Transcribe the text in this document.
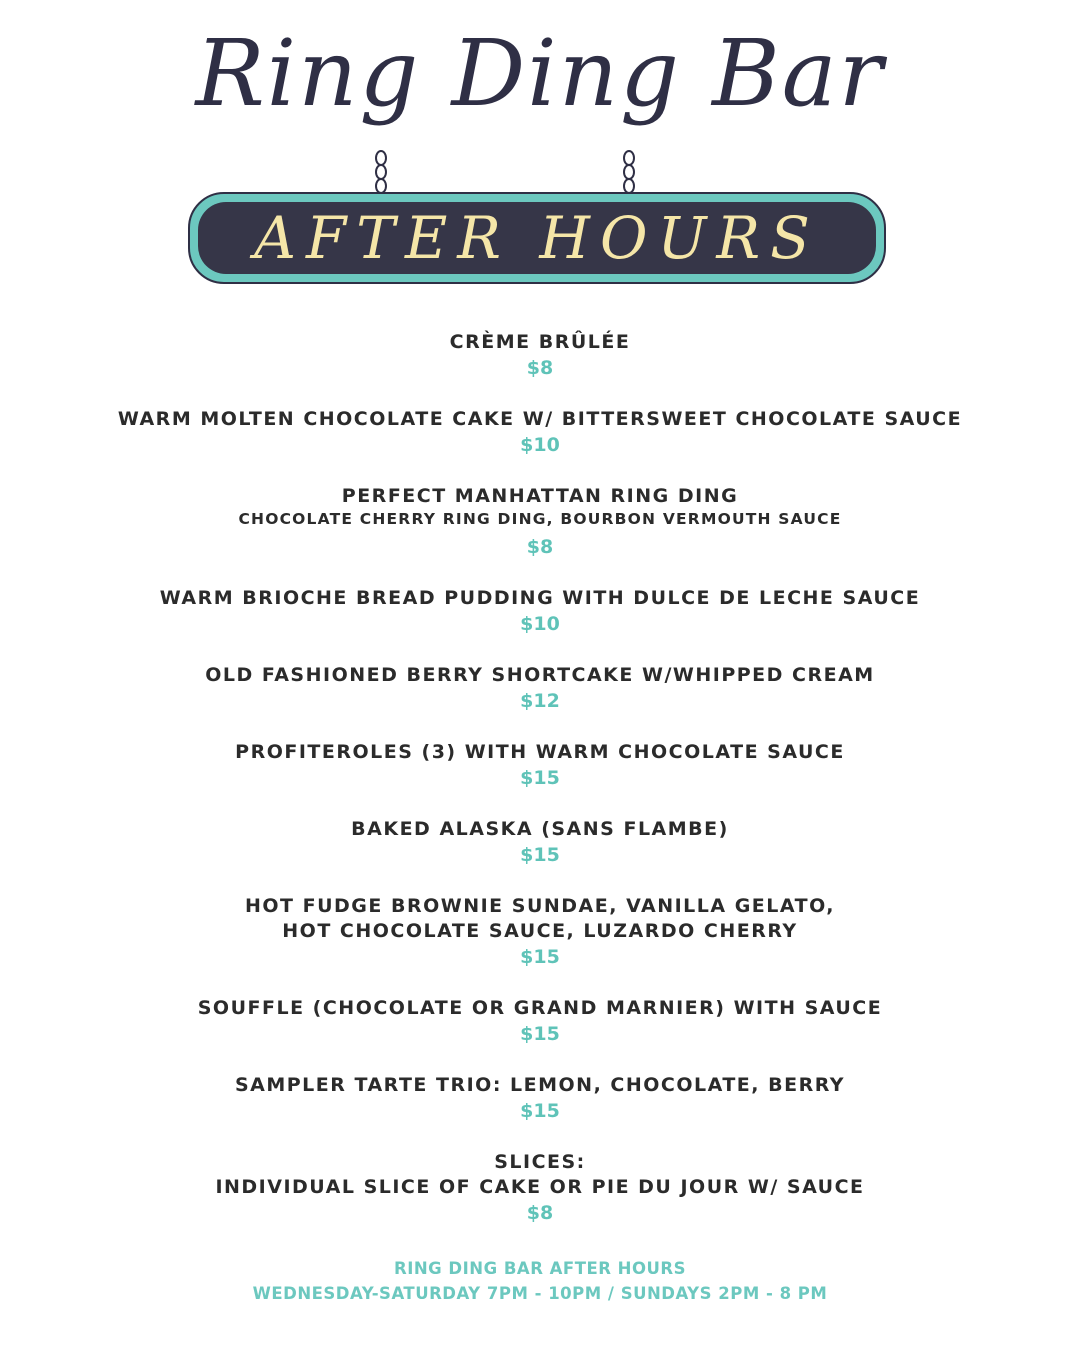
Ring Ding Bar
AFTER HOURS
CRÈME BRÛLÉE
$8
WARM MOLTEN CHOCOLATE CAKE W/ BITTERSWEET CHOCOLATE SAUCE
$10
PERFECT MANHATTAN RING DING
CHOCOLATE CHERRY RING DING, BOURBON VERMOUTH SAUCE
$8
WARM BRIOCHE BREAD PUDDING WITH DULCE DE LECHE SAUCE
$10
OLD FASHIONED BERRY SHORTCAKE W/WHIPPED CREAM
$12
PROFITEROLES (3) WITH WARM CHOCOLATE SAUCE
$15
BAKED ALASKA (SANS FLAMBE)
$15
HOT FUDGE BROWNIE SUNDAE, VANILLA GELATO,
HOT CHOCOLATE SAUCE, LUZARDO CHERRY
$15
SOUFFLE (CHOCOLATE OR GRAND MARNIER) WITH SAUCE
$15
SAMPLER TARTE TRIO: LEMON, CHOCOLATE, BERRY
$15
SLICES:
INDIVIDUAL SLICE OF CAKE OR PIE DU JOUR W/ SAUCE
$8
RING DING BAR AFTER HOURS
WEDNESDAY-SATURDAY 7PM - 10PM / SUNDAYS 2PM - 8 PM
